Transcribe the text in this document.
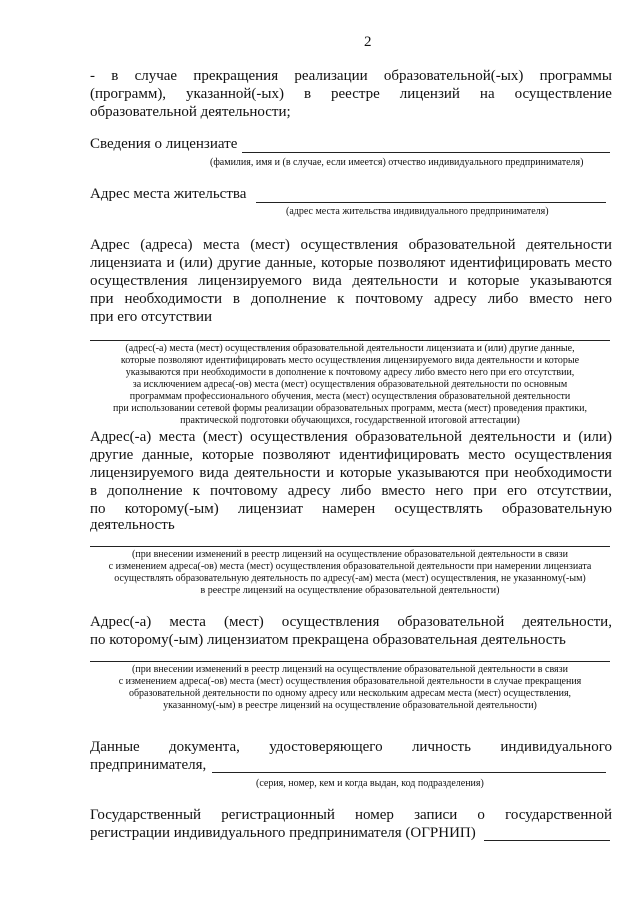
2
- в случае прекращения реализации образовательной(-ых) программы
(программ), указанной(-ых) в реестре лицензий на осуществление
образовательной деятельности;
Сведения о лицензиате
(фамилия, имя и (в случае, если имеется) отчество индивидуального предпринимателя)
Адрес места жительства
(адрес места жительства индивидуального предпринимателя)
Адрес (адреса) места (мест) осуществления образовательной деятельности
лицензиата и (или) другие данные, которые позволяют идентифицировать место
осуществления лицензируемого вида деятельности и которые указываются
при необходимости в дополнение к почтовому адресу либо вместо него
при его отсутствии
(адрес(-а) места (мест) осуществления образовательной деятельности лицензиата и (или) другие данные,
которые позволяют идентифицировать место осуществления лицензируемого вида деятельности и которые
указываются при необходимости в дополнение к почтовому адресу либо вместо него при его отсутствии,
за исключением адреса(-ов) места (мест) осуществления образовательной деятельности по основным
программам профессионального обучения, места (мест) осуществления образовательной деятельности
при использовании сетевой формы реализации образовательных программ, места (мест) проведения практики,
практической подготовки обучающихся, государственной итоговой аттестации)
Адрес(-а) места (мест) осуществления образовательной деятельности и (или)
другие данные, которые позволяют идентифицировать место осуществления
лицензируемого вида деятельности и которые указываются при необходимости
в дополнение к почтовому адресу либо вместо него при его отсутствии,
по которому(-ым) лицензиат намерен осуществлять образовательную
деятельность
(при внесении изменений в реестр лицензий на осуществление образовательной деятельности в связи
с изменением адреса(-ов) места (мест) осуществления образовательной деятельности при намерении лицензиата
осуществлять образовательную деятельность по адресу(-ам) места (мест) осуществления, не указанному(-ым)
в реестре лицензий на осуществление образовательной деятельности)
Адрес(-а) места (мест) осуществления образовательной деятельности,
по которому(-ым) лицензиатом прекращена образовательная деятельность
(при внесении изменений в реестр лицензий на осуществление образовательной деятельности в связи
с изменением адреса(-ов) места (мест) осуществления образовательной деятельности в случае прекращения
образовательной деятельности по одному адресу или нескольким адресам места (мест) осуществления,
указанному(-ым) в реестре лицензий на осуществление образовательной деятельности)
Данные документа, удостоверяющего личность индивидуального
предпринимателя,
(серия, номер, кем и когда выдан, код подразделения)
Государственный регистрационный номер записи о государственной
регистрации индивидуального предпринимателя (ОГРНИП)
